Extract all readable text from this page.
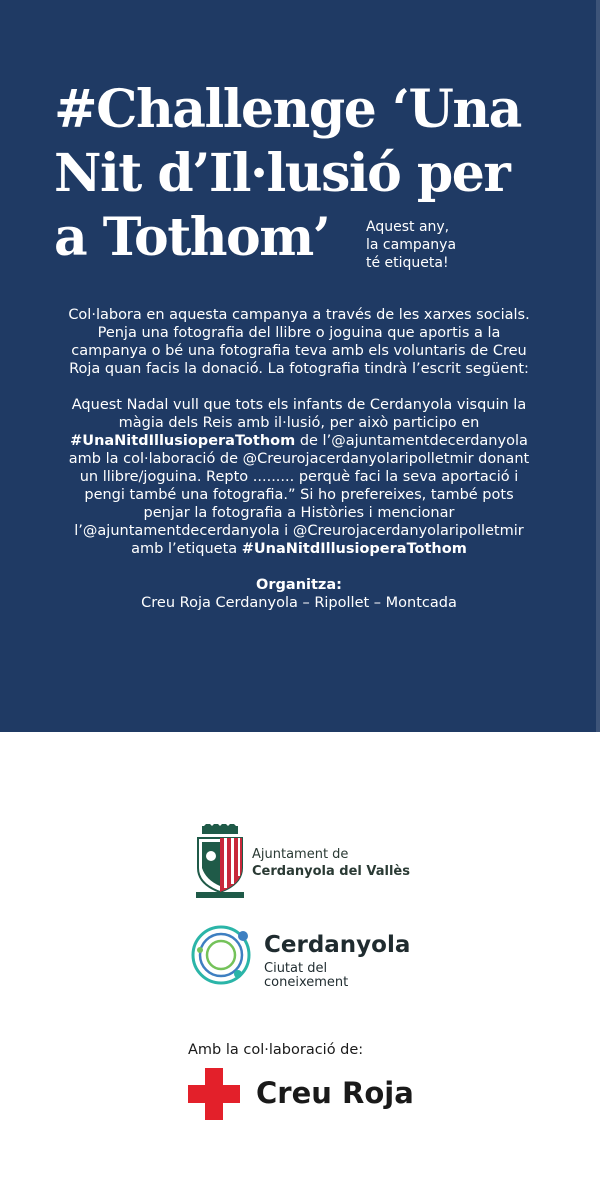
#Challenge ‘Una
Nit d’Il·lusió per
a Tothom’	Aquest any,
la campanya
té etiqueta!

Col·labora en aquesta campanya a través de les xarxes socials. Penja una fotografia del llibre o joguina que aportis a la campanya o bé una fotografia teva amb els voluntaris de Creu Roja quan facis la donació. La fotografia tindrà l’escrit següent:

Aquest Nadal vull que tots els infants de Cerdanyola visquin la màgia dels Reis amb il·lusió, per això participo en #UnaNitdIllusioperaTothom de l’@ajuntamentdecerdanyola amb la col·laboració de @Creurojacerdanyolaripolletmir donant un llibre/joguina. Repto ......... perquè faci la seva aportació i pengi també una fotografia.” Si ho prefereixes, també pots penjar la fotografia a Històries i mencionar l’@ajuntamentdecerdanyola i @Creurojacerdanyolaripolletmir amb l’etiqueta #UnaNitdIllusioperaTothom

Organitza:
Creu Roja Cerdanyola – Ripollet – Montcada

Ajuntament de
Cerdanyola del Vallès
Cerdanyola
Ciutat del
coneixement
Amb la col·laboració de:
Creu Roja
